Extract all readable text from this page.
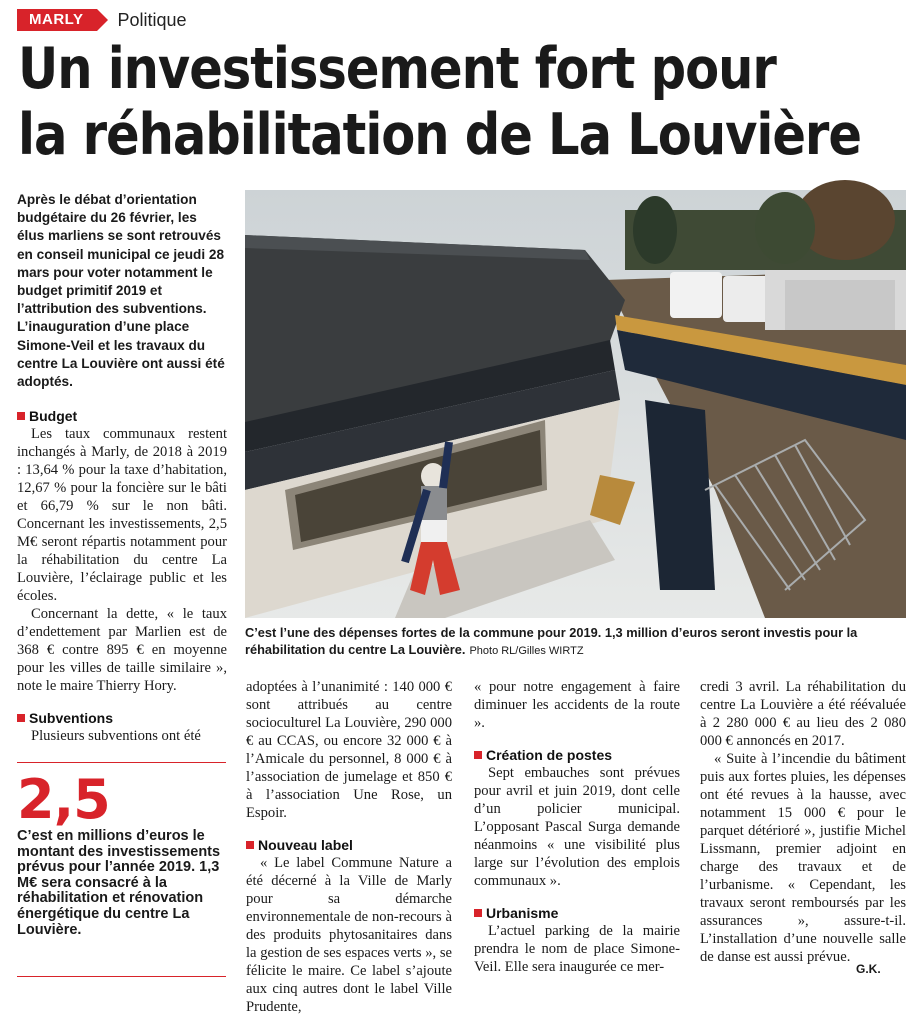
MARLY	Politique
Un investissement fort pour
la réhabilitation de La Louvière
Après le débat d’orientation budgétaire du 26 février, les élus marliens se sont retrouvés en conseil municipal ce jeudi 28 mars pour voter notamment le budget primitif 2019 et l’attribution des subventions. L’inauguration d’une place Simone-Veil et les travaux du centre La Louvière ont aussi été adoptés.
Budget

Les taux communaux restent inchangés à Marly, de 2018 à 2019 : 13,64 % pour la taxe d’habitation, 12,67 % pour la foncière sur le bâti et 66,79 % sur le non bâti. Concernant les investissements, 2,5 M€ seront répartis notamment pour la réhabilitation du centre La Louvière, l’éclairage public et les écoles.

Concernant la dette, « le taux d’endettement par Marlien est de 368 € contre 895 € en moyenne pour les villes de taille similaire », note le maire Thierry Hory.

Subventions

Plusieurs subventions ont été

2,5
C’est en millions d’euros le montant des investissements prévus pour l’année 2019. 1,3 M€ sera consacré à la réhabilitation et rénovation énergétique du centre La Louvière.
C’est l’une des dépenses fortes de la commune pour 2019. 1,3 million d’euros seront investis pour la réhabilitation du centre La Louvière. Photo RL/Gilles WIRTZ

adoptées à l’unanimité : 140 000 € sont attribués au centre socioculturel La Louvière, 290 000 € au CCAS, ou encore 32 000 € à l’Amicale du personnel, 8 000 € à l’association de jumelage et 850 € à l’association Une Rose, un Espoir.

Nouveau label

« Le label Commune Nature a été décerné à la Ville de Marly pour sa démarche environnementale de non-recours à des produits phytosanitaires dans la gestion de ses espaces verts », se félicite le maire. Ce label s’ajoute aux cinq autres dont le label Ville Prudente,

« pour notre engagement à faire diminuer les accidents de la route ».

Création de postes

Sept embauches sont prévues pour avril et juin 2019, dont celle d’un policier municipal. L’opposant Pascal Surga demande néanmoins « une visibilité plus large sur l’évolution des emplois communaux ».

Urbanisme

L’actuel parking de la mairie prendra le nom de place Simone-Veil. Elle sera inaugurée ce mer-

credi 3 avril. La réhabilitation du centre La Louvière a été réévaluée à 2 280 000 € au lieu des 2 080 000 € annoncés en 2017.

« Suite à l’incendie du bâtiment puis aux fortes pluies, les dépenses ont été revues à la hausse, avec notamment 15 000 € pour le parquet détérioré », justifie Michel Lissmann, premier adjoint en charge des travaux et de l’urbanisme. « Cependant, les travaux seront remboursés par les assurances », assure-t-il. L’installation d’une nouvelle salle de danse est aussi prévue.

G.K.
